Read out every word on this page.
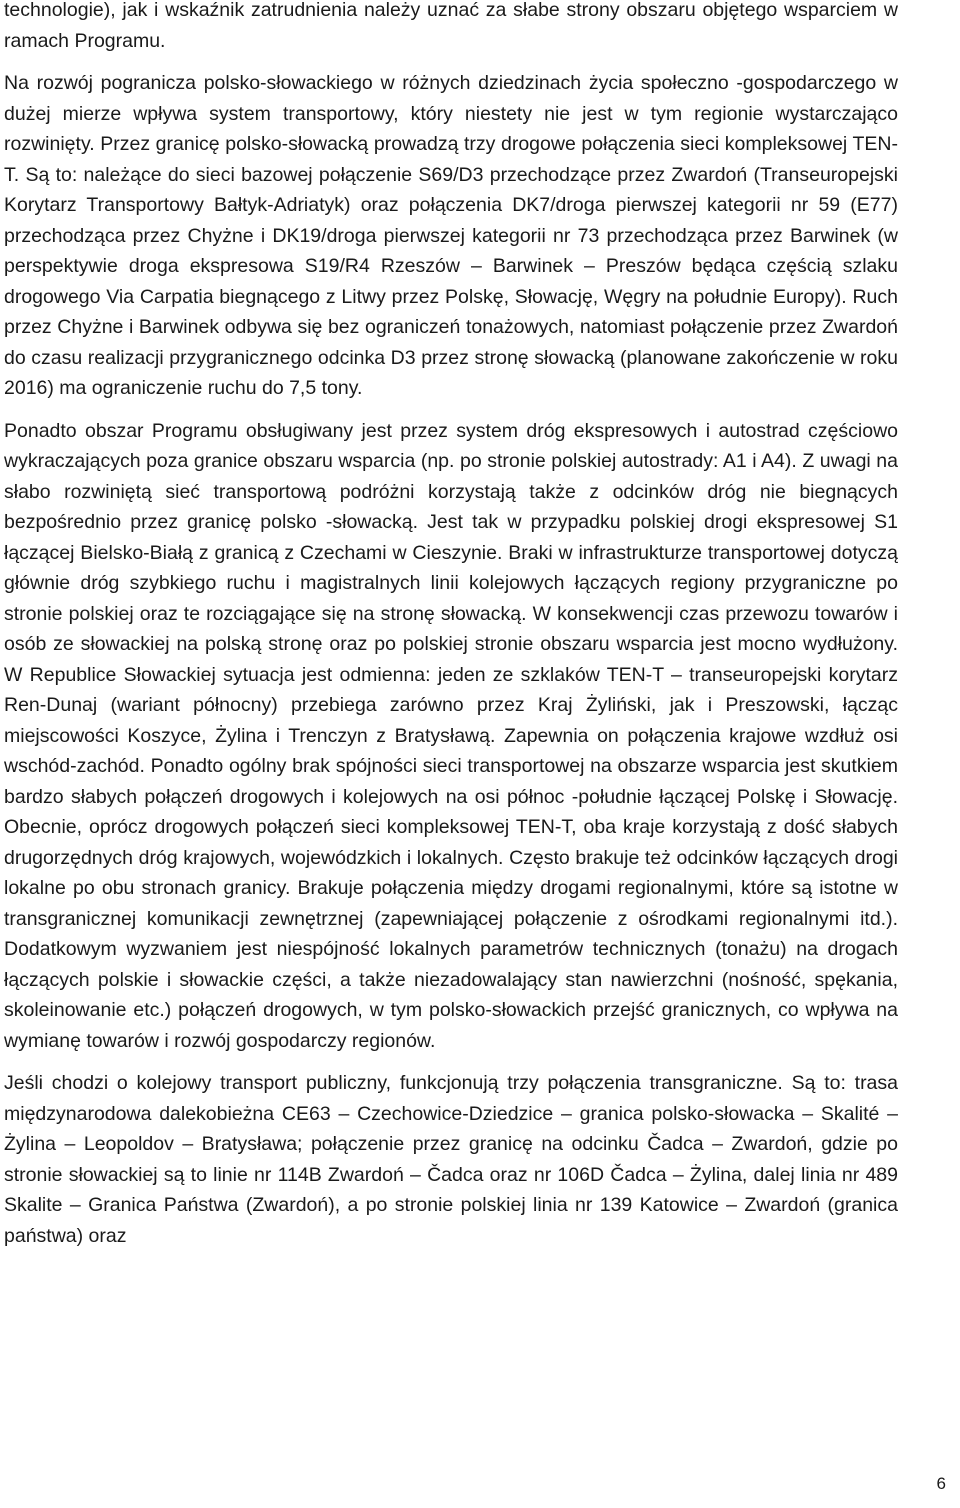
technologie), jak i wskaźnik zatrudnienia należy uznać za słabe strony obszaru objętego wsparciem w ramach Programu.

Na rozwój pogranicza polsko-słowackiego w różnych dziedzinach życia społeczno -gospodarczego w dużej mierze wpływa system transportowy, który niestety nie jest w tym regionie wystarczająco rozwinięty. Przez granicę polsko-słowacką prowadzą trzy drogowe połączenia sieci kompleksowej TEN-T. Są to: należące do sieci bazowej połączenie S69/D3 przechodzące przez Zwardoń (Transeuropejski Korytarz Transportowy Bałtyk-Adriatyk) oraz połączenia DK7/droga pierwszej kategorii nr 59 (E77) przechodząca przez Chyżne i DK19/droga pierwszej kategorii nr 73 przechodząca przez Barwinek (w perspektywie droga ekspresowa S19/R4 Rzeszów – Barwinek – Preszów będąca częścią szlaku drogowego Via Carpatia biegnącego z Litwy przez Polskę, Słowację, Węgry na południe Europy). Ruch przez Chyżne i Barwinek odbywa się bez ograniczeń tonażowych, natomiast połączenie przez Zwardoń do czasu realizacji przygranicznego odcinka D3 przez stronę słowacką (planowane zakończenie w roku 2016) ma ograniczenie ruchu do 7,5 tony.

Ponadto obszar Programu obsługiwany jest przez system dróg ekspresowych i autostrad częściowo wykraczających poza granice obszaru wsparcia (np. po stronie polskiej autostrady: A1 i A4). Z uwagi na słabo rozwiniętą sieć transportową podróżni korzystają także z odcinków dróg nie biegnących bezpośrednio przez granicę polsko -słowacką. Jest tak w przypadku polskiej drogi ekspresowej S1 łączącej Bielsko-Białą z granicą z Czechami w Cieszynie. Braki w infrastrukturze transportowej dotyczą głównie dróg szybkiego ruchu i magistralnych linii kolejowych łączących regiony przygraniczne po stronie polskiej oraz te rozciągające się na stronę słowacką. W konsekwencji czas przewozu towarów i osób ze słowackiej na polską stronę oraz po polskiej stronie obszaru wsparcia jest mocno wydłużony. W Republice Słowackiej sytuacja jest odmienna: jeden ze szklaków TEN-T – transeuropejski korytarz Ren-Dunaj (wariant północny) przebiega zarówno przez Kraj Żyliński, jak i Preszowski, łącząc miejscowości Koszyce, Żylina i Trenczyn z Bratysławą. Zapewnia on połączenia krajowe wzdłuż osi wschód-zachód. Ponadto ogólny brak spójności sieci transportowej na obszarze wsparcia jest skutkiem bardzo słabych połączeń drogowych i kolejowych na osi północ -południe łączącej Polskę i Słowację. Obecnie, oprócz drogowych połączeń sieci kompleksowej TEN-T, oba kraje korzystają z dość słabych drugorzędnych dróg krajowych, wojewódzkich i lokalnych. Często brakuje też odcinków łączących drogi lokalne po obu stronach granicy. Brakuje połączenia między drogami regionalnymi, które są istotne w transgranicznej komunikacji zewnętrznej (zapewniającej połączenie z ośrodkami regionalnymi itd.). Dodatkowym wyzwaniem jest niespójność lokalnych parametrów technicznych (tonażu) na drogach łączących polskie i słowackie części, a także niezadowalający stan nawierzchni (nośność, spękania, skoleinowanie etc.) połączeń drogowych, w tym polsko-słowackich przejść granicznych, co wpływa na wymianę towarów i rozwój gospodarczy regionów.

Jeśli chodzi o kolejowy transport publiczny, funkcjonują trzy połączenia transgraniczne. Są to: trasa międzynarodowa dalekobieżna CE63 – Czechowice-Dziedzice – granica polsko-słowacka – Skalité – Żylina – Leopoldov – Bratysława; połączenie przez granicę na odcinku Čadca – Zwardoń, gdzie po stronie słowackiej są to linie nr 114B Zwardoń – Čadca oraz nr 106D Čadca – Żylina, dalej linia nr 489 Skalite – Granica Państwa (Zwardoń), a po stronie polskiej linia nr 139 Katowice – Zwardoń (granica państwa) oraz

6
